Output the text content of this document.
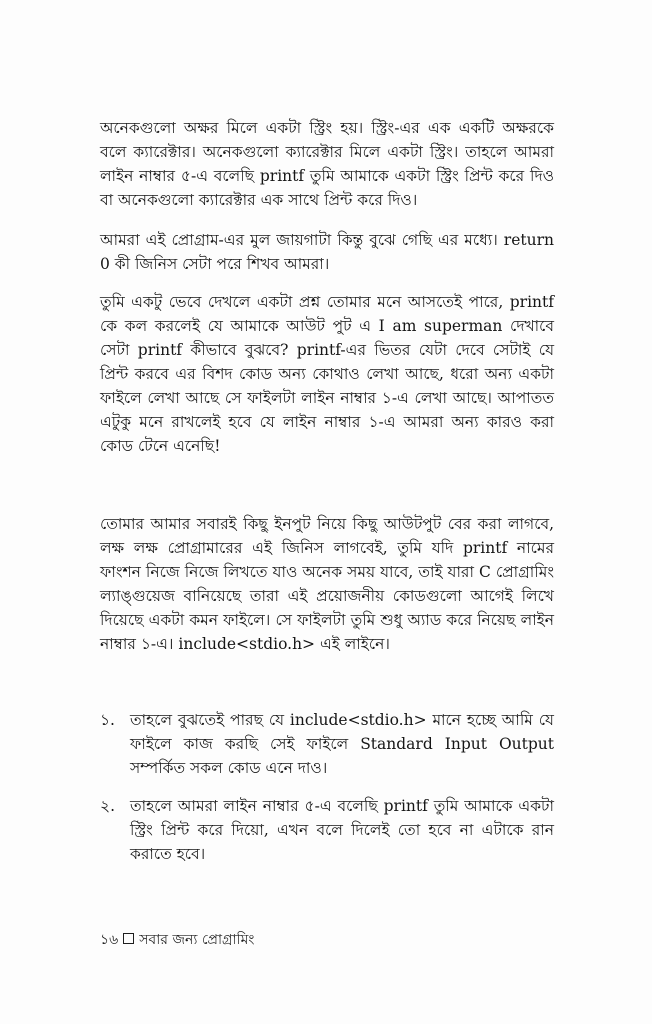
অনেকগুলো অক্ষর মিলে একটা স্ট্রিং হয়। স্ট্রিং-এর এক একটি অক্ষরকে বলে ক্যারেক্টার। অনেকগুলো ক্যারেক্টার মিলে একটা স্ট্রিং। তাহলে আমরা লাইন নাম্বার ৫-এ বলেছি printf তুমি আমাকে একটা স্ট্রিং প্রিন্ট করে দিও বা অনেকগুলো ক্যারেক্টার এক সাথে প্রিন্ট করে দিও।

আমরা এই প্রোগ্রাম-এর মুল জায়গাটা কিন্তু বুঝে গেছি এর মধ্যে। return 0 কী জিনিস সেটা পরে শিখব আমরা।

তুমি একটু ভেবে দেখলে একটা প্রশ্ন তোমার মনে আসতেই পারে, printf কে কল করলেই যে আমাকে আউট পুট এ I am superman দেখাবে সেটা printf কীভাবে বুঝবে? printf-এর ভিতর যেটা দেবে সেটাই যে প্রিন্ট করবে এর বিশদ কোড অন্য কোথাও লেখা আছে, ধরো অন্য একটা ফাইলে লেখা আছে সে ফাইলটা লাইন নাম্বার ১-এ লেখা আছে। আপাতত এটুকু মনে রাখলেই হবে যে লাইন নাম্বার ১-এ আমরা অন্য কারও করা কোড টেনে এনেছি!

তোমার আমার সবারই কিছু ইনপুট নিয়ে কিছু আউটপুট বের করা লাগবে, লক্ষ লক্ষ প্রোগ্রামারের এই জিনিস লাগবেই, তুমি যদি printf নামের ফাংশন নিজে নিজে লিখতে যাও অনেক সময় যাবে, তাই যারা C প্রোগ্রামিং ল্যাঙ্গুয়েজ বানিয়েছে তারা এই প্রয়োজনীয় কোডগুলো আগেই লিখে দিয়েছে একটা কমন ফাইলে। সে ফাইলটা তুমি শুধু অ্যাড করে নিয়েছ লাইন নাম্বার ১-এ। include<stdio.h> এই লাইনে।

১. তাহলে বুঝতেই পারছ যে include<stdio.h> মানে হচ্ছে আমি যে ফাইলে কাজ করছি সেই ফাইলে Standard Input Output সম্পর্কিত সকল কোড এনে দাও।
২. তাহলে আমরা লাইন নাম্বার ৫-এ বলেছি printf তুমি আমাকে একটা স্ট্রিং প্রিন্ট করে দিয়ো, এখন বলে দিলেই তো হবে না এটাকে রান করাতে হবে।
১৬ সবার জন্য প্রোগ্রামিং
